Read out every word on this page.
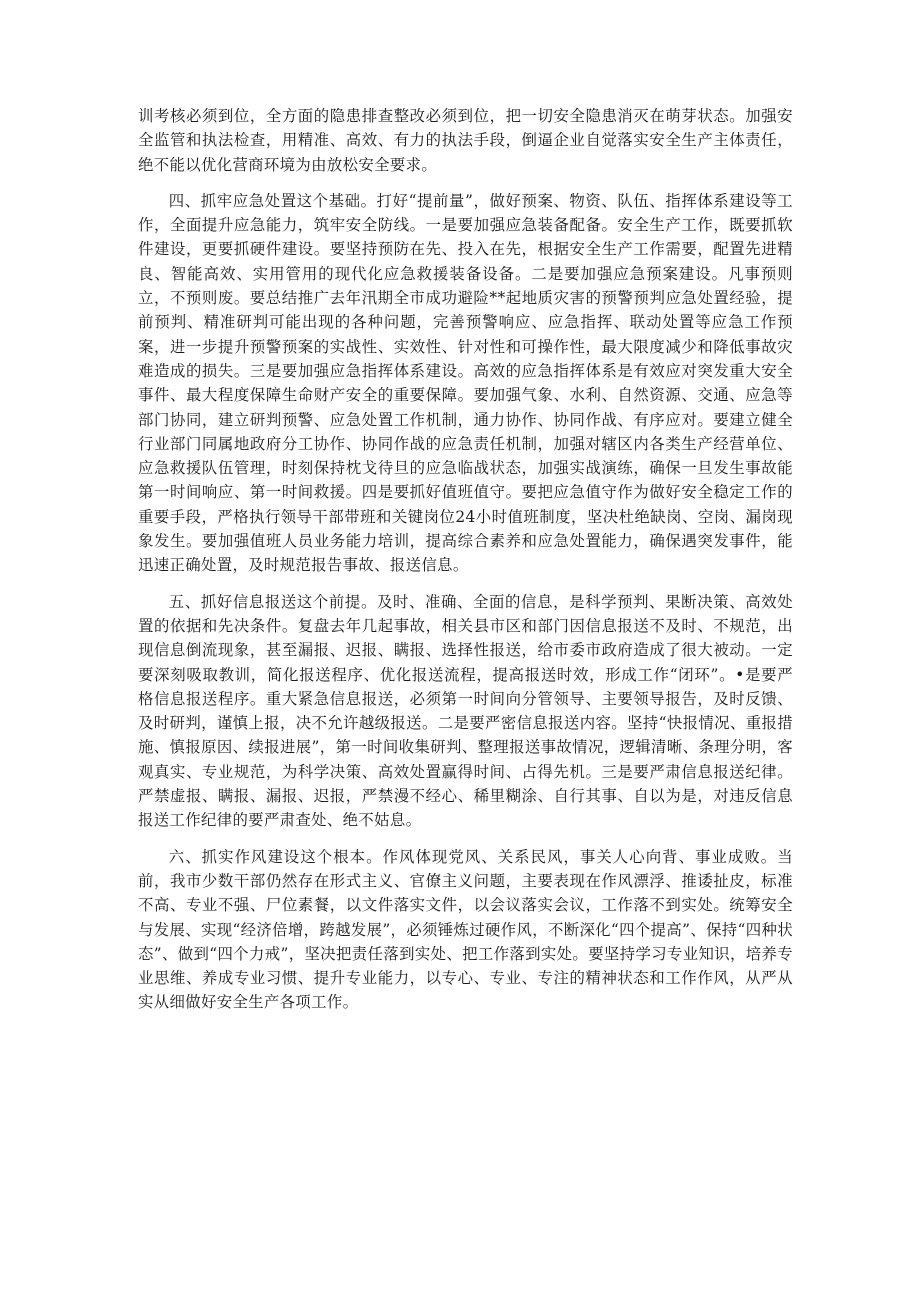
训考核必须到位，全方面的隐患排查整改必须到位，把一切安全隐患消灭在萌芽状态。加强安全监管和执法检查，用精准、高效、有力的执法手段，倒逼企业自觉落实安全生产主体责任，绝不能以优化营商环境为由放松安全要求。

四、抓牢应急处置这个基础。打好“提前量”，做好预案、物资、队伍、指挥体系建设等工作，全面提升应急能力，筑牢安全防线。一是要加强应急装备配备。安全生产工作，既要抓软件建设，更要抓硬件建设。要坚持预防在先、投入在先，根据安全生产工作需要，配置先进精良、智能高效、实用管用的现代化应急救援装备设备。二是要加强应急预案建设。凡事预则立，不预则废。要总结推广去年汛期全市成功避险**起地质灾害的预警预判应急处置经验，提前预判、精准研判可能出现的各种问题，完善预警响应、应急指挥、联动处置等应急工作预案，进一步提升预警预案的实战性、实效性、针对性和可操作性，最大限度减少和降低事故灾难造成的损失。三是要加强应急指挥体系建设。高效的应急指挥体系是有效应对突发重大安全事件、最大程度保障生命财产安全的重要保障。要加强气象、水利、自然资源、交通、应急等部门协同，建立研判预警、应急处置工作机制，通力协作、协同作战、有序应对。要建立健全行业部门同属地政府分工协作、协同作战的应急责任机制，加强对辖区内各类生产经营单位、应急救援队伍管理，时刻保持枕戈待旦的应急临战状态，加强实战演练，确保一旦发生事故能第一时间响应、第一时间救援。四是要抓好值班值守。要把应急值守作为做好安全稳定工作的重要手段，严格执行领导干部带班和关键岗位24小时值班制度，坚决杜绝缺岗、空岗、漏岗现象发生。要加强值班人员业务能力培训，提高综合素养和应急处置能力，确保遇突发事件，能迅速正确处置，及时规范报告事故、报送信息。

五、抓好信息报送这个前提。及时、准确、全面的信息，是科学预判、果断决策、高效处置的依据和先决条件。复盘去年几起事故，相关县市区和部门因信息报送不及时、不规范，出现信息倒流现象，甚至漏报、迟报、瞒报、选择性报送，给市委市政府造成了很大被动。一定要深刻吸取教训，简化报送程序、优化报送流程，提高报送时效，形成工作“闭环”。•是要严格信息报送程序。重大紧急信息报送，必须第一时间向分管领导、主要领导报告，及时反馈、及时研判，谨慎上报，决不允许越级报送。二是要严密信息报送内容。坚持“快报情况、重报措施、慎报原因、续报进展”，第一时间收集研判、整理报送事故情况，逻辑清晰、条理分明，客观真实、专业规范，为科学决策、高效处置赢得时间、占得先机。三是要严肃信息报送纪律。严禁虚报、瞒报、漏报、迟报，严禁漫不经心、稀里糊涂、自行其事、自以为是，对违反信息报送工作纪律的要严肃查处、绝不姑息。

六、抓实作风建设这个根本。作风体现党风、关系民风，事关人心向背、事业成败。当前，我市少数干部仍然存在形式主义、官僚主义问题，主要表现在作风漂浮、推诿扯皮，标准不高、专业不强、尸位素餐，以文件落实文件，以会议落实会议，工作落不到实处。统筹安全与发展、实现“经济倍增，跨越发展”，必须锤炼过硬作风，不断深化“四个提高”、保持“四种状态”、做到“四个力戒”，坚决把责任落到实处、把工作落到实处。要坚持学习专业知识，培养专业思维、养成专业习惯、提升专业能力，以专心、专业、专注的精神状态和工作作风，从严从实从细做好安全生产各项工作。
